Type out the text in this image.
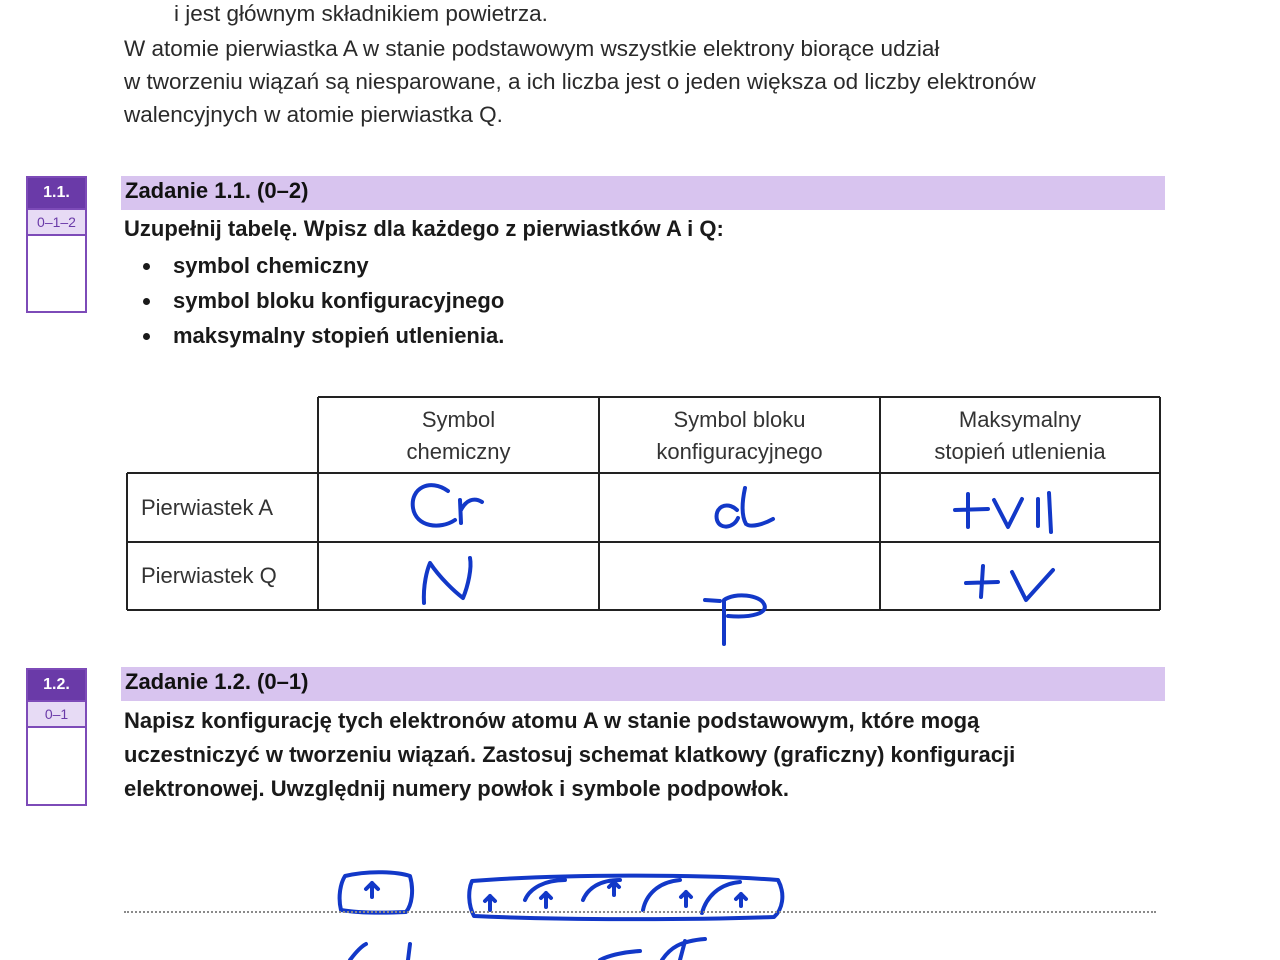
i jest głównym składnikiem powietrza.
W atomie pierwiastka A w stanie podstawowym wszystkie elektrony biorące udział
w tworzeniu wiązań są niesparowane, a ich liczba jest o jeden większa od liczby elektronów
walencyjnych w atomie pierwiastka Q.
1.1.
0–1–2
Zadanie 1.1. (0–2)
Uzupełnij tabelę. Wpisz dla każdego z pierwiastków A i Q:
symbol chemiczny
symbol bloku konfiguracyjnego
maksymalny stopień utlenienia.
Symbol
chemiczny
Symbol bloku
konfiguracyjnego
Maksymalny
stopień utlenienia
Pierwiastek A
Pierwiastek Q
1.2.
0–1
Zadanie 1.2. (0–1)
Napisz konfigurację tych elektronów atomu A w stanie podstawowym, które mogą
uczestniczyć w tworzeniu wiązań. Zastosuj schemat klatkowy (graficzny) konfiguracji
elektronowej. Uwzględnij numery powłok i symbole podpowłok.
